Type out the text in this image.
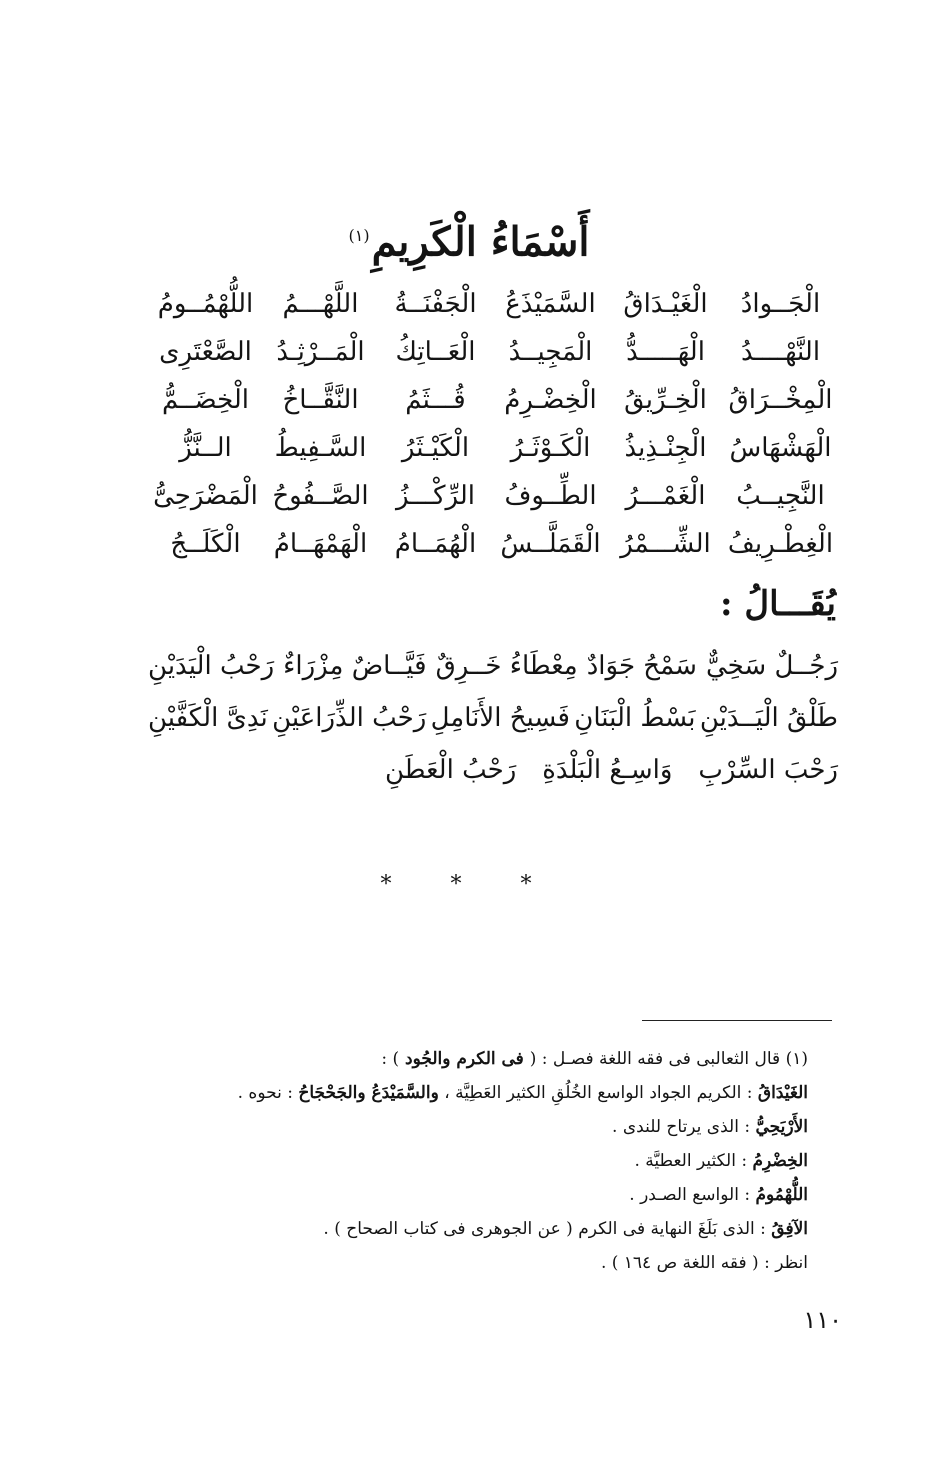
أَسْمَاءُ الْكَرِيمِ$^{(١)}$
الْجَــوادُ
الْغَيْـدَاقُ
السَّمَيْذَعُ
الْجَفْنَــةُ
اللَّهْـــمُ
اللُّهْمُــومُ
النَّهْــــدُ
الْهَـــــدُّ
الْمَجِيــدُ
الْعَــاتِكُ
الْمَــرْثِـدُ
الصَّعْتَرِى
الْمِخْــرَاقُ
الْخِـرِّيقُ
الْخِضْـرِمُ
قُـــثَمُ
النَّقَّــاخُ
الْخِضَــمُّ
الْهَشْهَاسُ
الْجِنْـذِيذُ
الْكَـوْثَـرُ
الْكَيْـثَرُ
السَّـفِيطُ
الــنَّزُّ
النَّجِيــبُ
الْغَمْـــرُ
الطِّــوفُ
الرِّكْـــزُ
الصَّــفُوحُ
الْمَضْرَحِىُّ
الْغِطْـرِيفُ
الشِّـــمْرُ
الْقَمَلَّــسُ
الْهُمَــامُ
الْهَمْهَــامُ
الْكَلَــجُ
يُقَـــالُ :
رَجُــلٌ سَخِيٌّ
سَمْحُ جَوَادٌ
مِعْطَاءُ خَــرِقٌ
فَيَّــاضٌ مِزْرَاءٌ
رَحْبُ الْيَدَيْنِ
طَلْقُ الْيَــدَيْنِ
بَسْطُ الْبَنَانِ
فَسِيحُ الأَنَامِلِ
رَحْبُ الذِّرَاعَيْنِ
نَدِىَّ الْكَفَّيْنِ
رَحْبَ السِّرْبِ
وَاسِـعُ الْبَلْدَةِ
رَحْبُ الْعَطَنِ
* * *
(١) قال الثعالبى فى فقه اللغة فصـل : ( فى الكرم والجُود ) :
الغَيْدَاقُ : الكريم الجواد الواسع الخُلُقِ الكثير العَطِيَّة ، والسَّمَيْدَعُ والجَحْجَاحُ : نحوه .
الأَرْيَحِيُّ : الذى يرتاح للندى .
الخِضْرِمُ : الكثير العطيَّة .
اللُّهْمُومُ : الواسع الصـدر .
الآفِقُ : الذى بَلَغَ النهاية فى الكرم ( عن الجوهرى فى كتاب الصحاح ) .
انظر : ( فقه اللغة ص ١٦٤ ) .
١١٠
